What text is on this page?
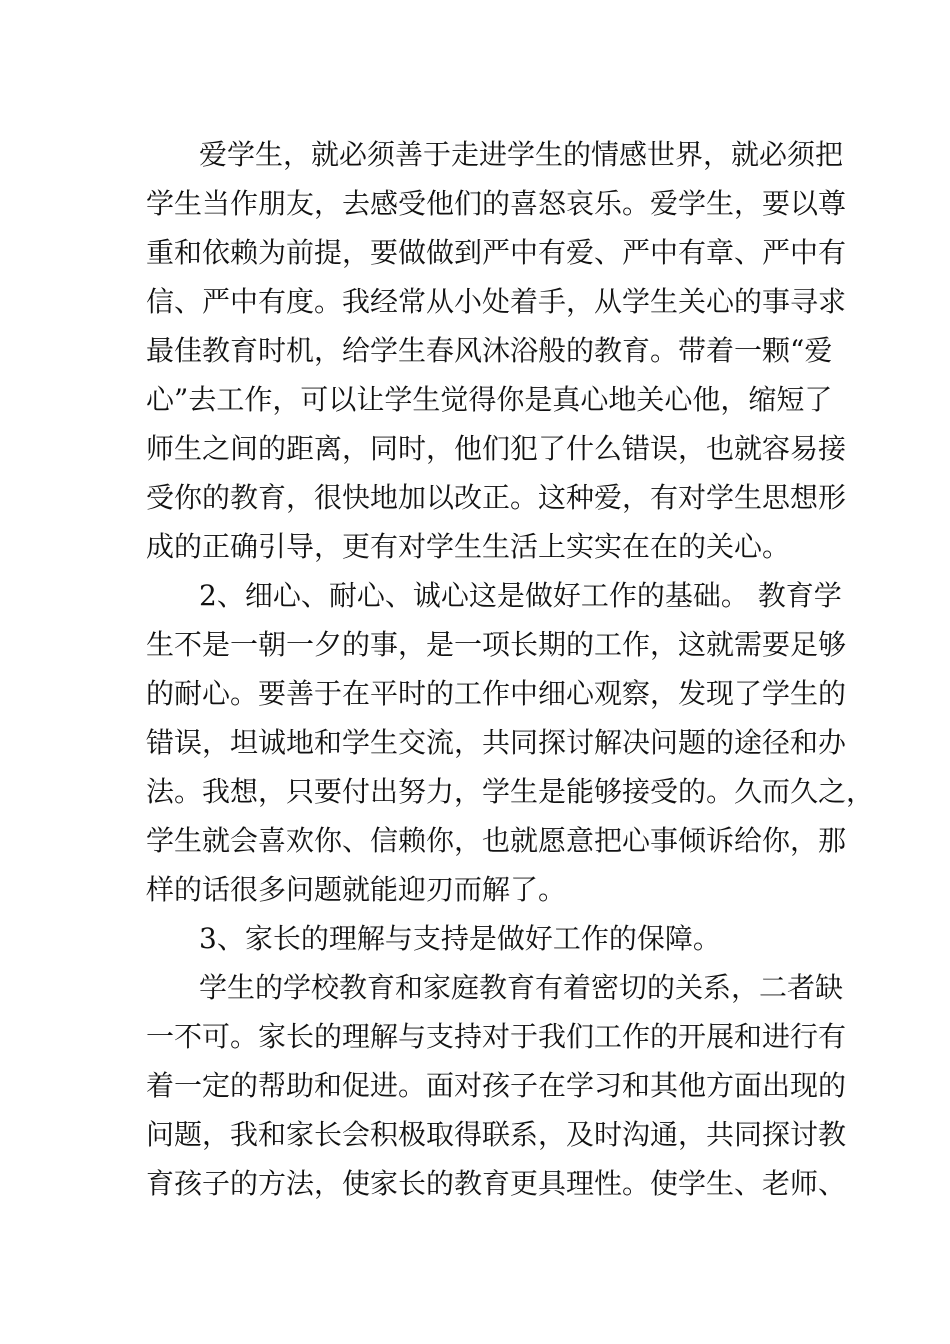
爱学生，就必须善于走进学生的情感世界，就必须把
学生当作朋友，去感受他们的喜怒哀乐。爱学生，要以尊
重和依赖为前提，要做做到严中有爱、严中有章、严中有
信、严中有度。我经常从小处着手，从学生关心的事寻求
最佳教育时机，给学生春风沐浴般的教育。带着一颗“爱
心”去工作，可以让学生觉得你是真心地关心他，缩短了
师生之间的距离，同时，他们犯了什么错误，也就容易接
受你的教育，很快地加以改正。这种爱，有对学生思想形
成的正确引导，更有对学生生活上实实在在的关心。
2、细心、耐心、诚心这是做好工作的基础。 教育学
生不是一朝一夕的事，是一项长期的工作，这就需要足够
的耐心。要善于在平时的工作中细心观察，发现了学生的
错误，坦诚地和学生交流，共同探讨解决问题的途径和办
法。我想，只要付出努力，学生是能够接受的。久而久之，
学生就会喜欢你、信赖你，也就愿意把心事倾诉给你，那
样的话很多问题就能迎刃而解了。
3、家长的理解与支持是做好工作的保障。
学生的学校教育和家庭教育有着密切的关系，二者缺
一不可。家长的理解与支持对于我们工作的开展和进行有
着一定的帮助和促进。面对孩子在学习和其他方面出现的
问题，我和家长会积极取得联系，及时沟通，共同探讨教
育孩子的方法，使家长的教育更具理性。使学生、老师、
